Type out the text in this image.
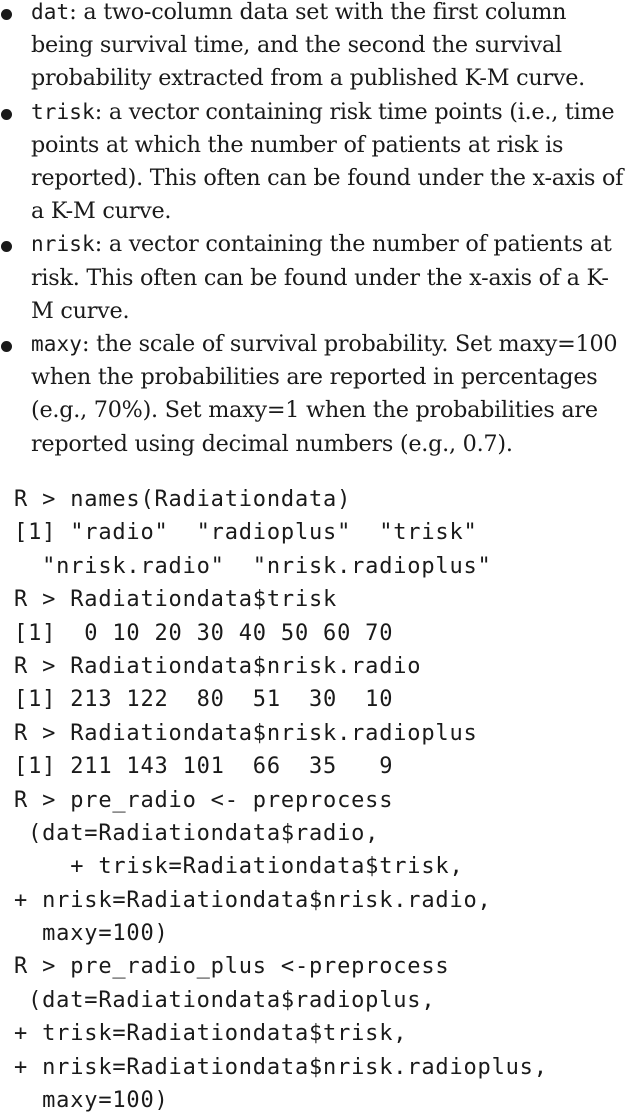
dat: a two-column data set with the first column being survival time, and the second the survival probability extracted from a published K-M curve.
trisk: a vector containing risk time points (i.e., time points at which the number of patients at risk is reported). This often can be found under the x-axis of a K-M curve.
nrisk: a vector containing the number of patients at risk. This often can be found under the x-axis of a K-M curve.
maxy: the scale of survival probability. Set maxy=100 when the probabilities are reported in percentages (e.g., 70%). Set maxy=1 when the probabilities are reported using decimal numbers (e.g., 0.7).
R > names(Radiationdata)
[1] "radio"  "radioplus"  "trisk"
"nrisk.radio"  "nrisk.radioplus"
R > Radiationdata$trisk
[1]  0 10 20 30 40 50 60 70
R > Radiationdata$nrisk.radio
[1] 213 122  80  51  30  10
R > Radiationdata$nrisk.radioplus
[1] 211 143 101  66  35   9
R > pre_radio <- preprocess
(dat=Radiationdata$radio,
+ trisk=Radiationdata$trisk,
+ nrisk=Radiationdata$nrisk.radio,
maxy=100)
R > pre_radio_plus <-preprocess
(dat=Radiationdata$radioplus,
+ trisk=Radiationdata$trisk,
+ nrisk=Radiationdata$nrisk.radioplus,
maxy=100)
